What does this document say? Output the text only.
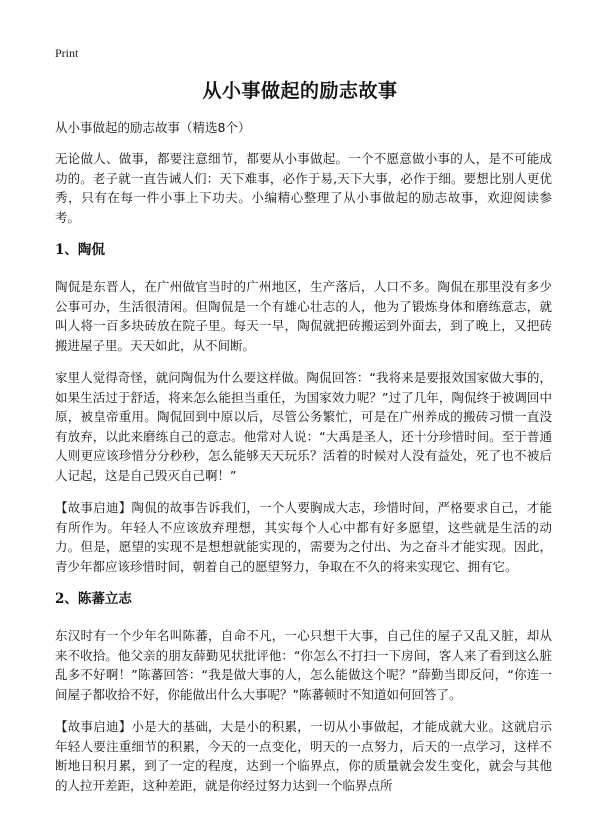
Print
从小事做起的励志故事
从小事做起的励志故事（精选8个）

无论做人、做事，都要注意细节，都要从小事做起。一个不愿意做小事的人，是不可能成功的。老子就一直告诫人们：天下难事，必作于易,天下大事，必作于细。要想比别人更优秀，只有在每一件小事上下功夫。小编精心整理了从小事做起的励志故事，欢迎阅读参考。

1、陶侃

陶侃是东晋人，在广州做官当时的广州地区，生产落后，人口不多。陶侃在那里没有多少公事可办，生活很清闲。但陶侃是一个有雄心壮志的人，他为了锻炼身体和磨练意志，就叫人将一百多块砖放在院子里。每天一早，陶侃就把砖搬运到外面去，到了晚上，又把砖搬进屋子里。天天如此，从不间断。

家里人觉得奇怪，就问陶侃为什么要这样做。陶侃回答：“我将来是要报效国家做大事的，如果生活过于舒适，将来怎么能担当重任，为国家效力呢？”过了几年，陶侃终于被调回中原，被皇帝重用。陶侃回到中原以后，尽管公务繁忙，可是在广州养成的搬砖习惯一直没有放弃，以此来磨练自己的意志。他常对人说：“大禹是圣人，还十分珍惜时间。至于普通人则更应该珍惜分分秒秒，怎么能够天天玩乐？活着的时候对人没有益处，死了也不被后人记起，这是自己毁灭自己啊！”

【故事启迪】陶侃的故事告诉我们，一个人要胸成大志，珍惜时间，严格要求自己，才能有所作为。年轻人不应该放弃理想，其实每个人心中都有好多愿望，这些就是生活的动力。但是，愿望的实现不是想想就能实现的，需要为之付出、为之奋斗才能实现。因此，青少年都应该珍惜时间，朝着自己的愿望努力，争取在不久的将来实现它、拥有它。

2、陈蕃立志

东汉时有一个少年名叫陈蕃，自命不凡，一心只想干大事，自己住的屋子又乱又脏，却从来不收拾。他父亲的朋友薛勤见状批评他：“你怎么不打扫一下房间，客人来了看到这么脏乱多不好啊！”陈蕃回答：“我是做大事的人，怎么能做这个呢？”薛勤当即反问，“你连一间屋子都收拾不好，你能做出什么大事呢？”陈蕃顿时不知道如何回答了。

【故事启迪】小是大的基础，大是小的积累，一切从小事做起，才能成就大业。这就启示年轻人要注重细节的积累，今天的一点变化，明天的一点努力，后天的一点学习，这样不断地日积月累，到了一定的程度，达到一个临界点，你的质量就会发生变化，就会与其他的人拉开差距，这种差距，就是你经过努力达到一个临界点所
